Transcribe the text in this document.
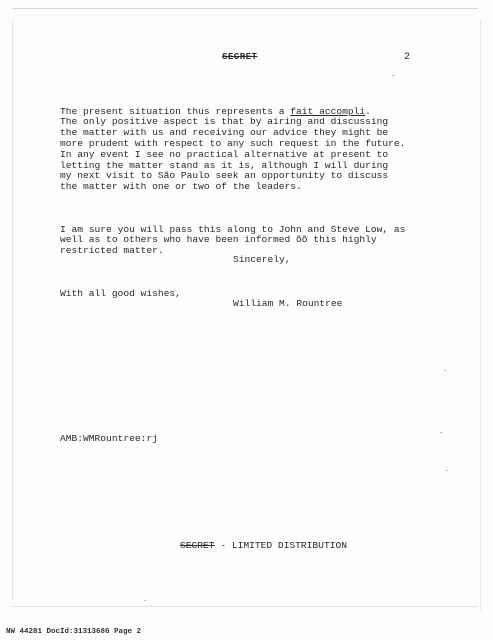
SECRET	2

The present situation thus represents a fait accompli.
The only positive aspect is that by airing and discussing
the matter with us and receiving our advice they might be
more prudent with respect to any such request in the future.
In any event I see no practical alternative at present to
letting the matter stand as it is, although I will during
my next visit to São Paulo seek an opportunity to discuss
the matter with one or two of the leaders.

I am sure you will pass this along to John and Steve Low, as
well as to others who have been informed õõ this highly
restricted matter.

With all good wishes,

Sincerely,
William M. Rountree
AMB:WMRountree:rj
SECRET - LIMITED DISTRIBUTION
NW 44281 DocId:31313686 Page 2
